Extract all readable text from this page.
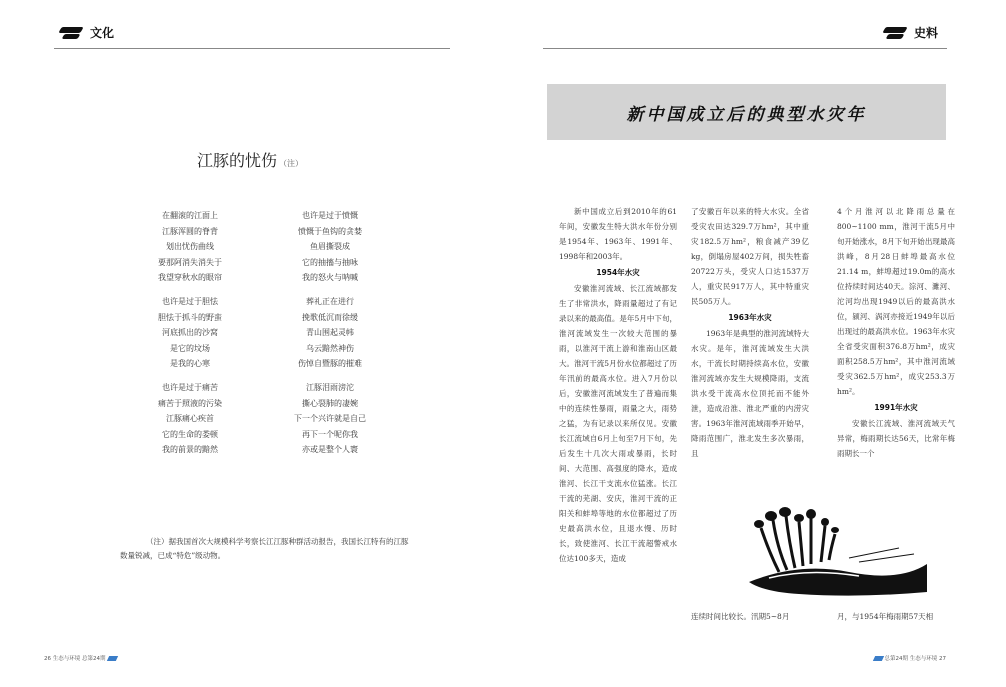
文化
江豚的忧伤 （注）
在翻滚的江面上
江豚浑圆的脊背
划出忧伤曲线
要那阿消失消失于
我望穿秋水的眼帘
也许是过于胆怯
胆怯于抓斗的野蛮
河底抓出的沙窝
是它的坟场
是我的心寒
也许是过于痛苦
痛苦于照液的污染
江豚痛心疾首
它的生命的娄顿
我的前景的黯然
也许是过于愤慨
愤慨于鱼钩的贪婪
鱼眉撕裂成
它的抽搐与抽咏
我的怒火与呐喊
葬礼正在进行
挽歌低沉而徐缓
青山围起灵帏
乌云黯然神伤
伤悼自暨豚的摧难
江豚泪雨滂沱
撕心裂肺的凄婉
下一个兴许就是自己
再下一个呢你我
亦或是整个人寰
（注）据我国首次大规模科学考察长江江豚种群活动报告，我国长江特有的江豚数量锐减，已成“特危”级动物。
26 生态与环境 总第24期
史料
新中国成立后的典型水灾年

新中国成立后到2010年的61年间，安徽发生特大洪水年份分别是1954年、1963年、1991年、1998年和2003年。

1954年水灾

安徽淮河流域、长江流域都发生了非常洪水，降雨量超过了有记录以来的最高值。是年5月中下旬，淮河流域发生一次较大范围的暴雨，以淮河干流上游和淮南山区最大。淮河干流5月份水位都超过了历年汛前的最高水位。进入7月份以后，安徽淮河流域发生了普遍而集中的连续性暴雨，雨量之大，雨势之猛，为有记录以来所仅见。安徽长江流域自6月上旬至7月下旬，先后发生十几次大雨或暴雨，长时间、大范围、高强度的降水，造成淮河、长江干支流水位猛涨。长江干流的芜湖、安庆，淮河干流的正阳关和蚌埠等地的水位都超过了历史最高洪水位，且退水慢、历时长，致使淮河、长江干流超警戒水位达100多天，造成

了安徽百年以来的特大水灾。全省受灾农田达329.7万hm²，其中重灾182.5万hm²，粮食减产39亿kg，倒塌房屋402万间，损失牲畜20722万头，受灾人口达1537万人，重灾民917万人，其中特重灾民505万人。

1963年水灾

1963年是典型的淮河流域特大水灾。是年，淮河流域发生大洪水，干流长时期持续高水位，安徽淮河流域亦发生大规模降雨，支流洪水受干流高水位顶托而不能外泄，造成沿淮、淮北严重的内涝灾害。1963年淮河流域雨季开始早，降雨范围广，淮北发生多次暴雨，且

4个月淮河以北降雨总量在800~1100 mm，淮河干流5月中旬开始涨水，8月下旬开始出现最高洪峰，8月28日蚌埠最高水位21.14 m，蚌埠超过19.0m的高水位持续时间达40天。淙河、濉河、沱河均出现1949以后的最高洪水位，颍河、涡河亦接近1949年以后出现过的最高洪水位。1963年水灾全省受灾面积376.8万hm²，成灾面积258.5万hm²，其中淮河流域受灾362.5万hm²，成灾253.3万hm²。

1991年水灾

安徽长江流域、淮河流域天气异常，梅雨期长达56天，比常年梅雨期长一个

连续时间比较长。汛期5~8月	月，与1954年梅雨期57天相
总第24期 生态与环境 27
